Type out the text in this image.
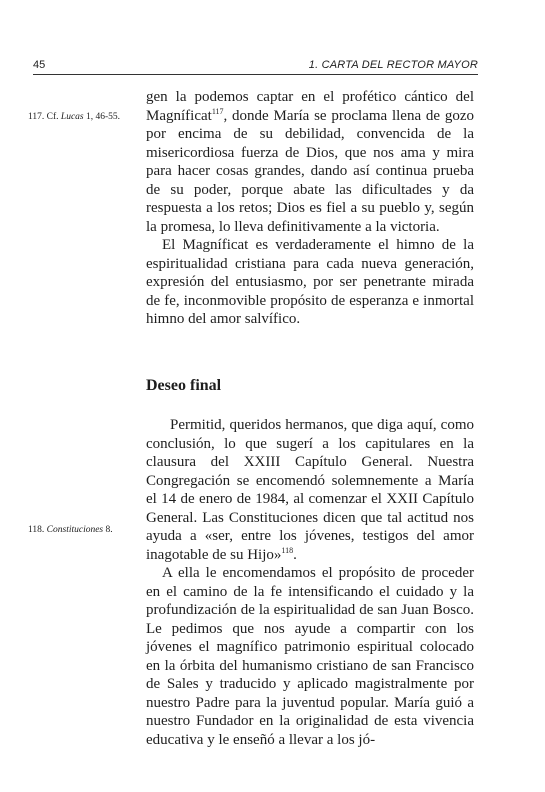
45	1. CARTA DEL RECTOR MAYOR
117. Cf. Lucas 1, 46-55.
118. Constituciones 8.

gen la podemos captar en el profético cántico del Magníficat$^{117}$, donde María se proclama llena de gozo por encima de su debilidad, convencida de la misericordiosa fuerza de Dios, que nos ama y mira para hacer cosas grandes, dando así continua prueba de su poder, porque abate las dificultades y da respuesta a los retos; Dios es fiel a su pueblo y, según la promesa, lo lleva definitivamente a la victoria.

El Magníficat es verdaderamente el himno de la espiritualidad cristiana para cada nueva generación, expresión del entusiasmo, por ser penetrante mirada de fe, inconmovible propósito de esperanza e inmortal himno del amor salvífico.

Deseo final

Permitid, queridos hermanos, que diga aquí, como conclusión, lo que sugerí a los capitulares en la clausura del XXIII Capítulo General. Nuestra Congregación se encomendó solemnemente a María el 14 de enero de 1984, al comenzar el XXII Capítulo General. Las Constituciones dicen que tal actitud nos ayuda a «ser, entre los jóvenes, testigos del amor inagotable de su Hijo»$^{118}$.

A ella le encomendamos el propósito de proceder en el camino de la fe intensificando el cuidado y la profundización de la espiritualidad de san Juan Bosco. Le pedimos que nos ayude a compartir con los jóvenes el magnífico patrimonio espiritual colocado en la órbita del humanismo cristiano de san Francisco de Sales y traducido y aplicado magistralmente por nuestro Padre para la juventud popular. María guió a nuestro Fundador en la originalidad de esta vivencia educativa y le enseñó a llevar a los jó-
